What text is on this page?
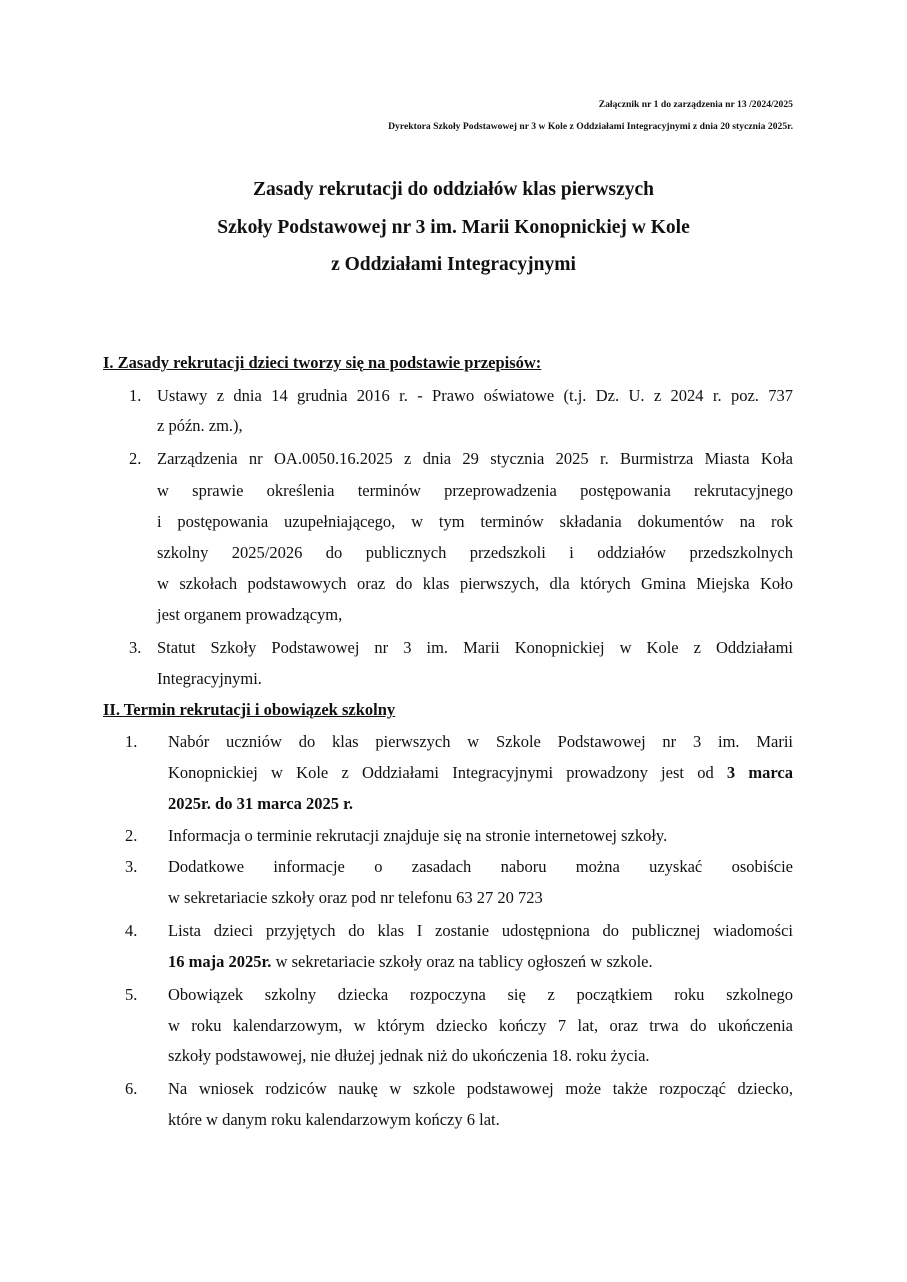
Załącznik nr 1 do zarządzenia nr 13 /2024/2025
Dyrektora Szkoły Podstawowej nr 3 w Kole z Oddziałami Integracyjnymi z dnia 20 stycznia 2025r.
Zasady rekrutacji do oddziałów klas pierwszych
Szkoły Podstawowej nr 3 im. Marii Konopnickiej w Kole
z Oddziałami Integracyjnymi
I. Zasady rekrutacji dzieci tworzy się na podstawie przepisów:
1. Ustawy z dnia 14 grudnia 2016 r. - Prawo oświatowe (t.j. Dz. U. z 2024 r. poz. 737
z późn. zm.),
2. Zarządzenia nr OA.0050.16.2025 z dnia 29 stycznia 2025 r. Burmistrza Miasta Koła
w sprawie określenia terminów przeprowadzenia postępowania rekrutacyjnego
i postępowania uzupełniającego, w tym terminów składania dokumentów na rok
szkolny 2025/2026 do publicznych przedszkoli i oddziałów przedszkolnych
w szkołach podstawowych oraz do klas pierwszych, dla których Gmina Miejska Koło
jest organem prowadzącym,
3. Statut Szkoły Podstawowej nr 3 im. Marii Konopnickiej w Kole z Oddziałami
Integracyjnymi.
II. Termin rekrutacji i obowiązek szkolny
1. Nabór uczniów do klas pierwszych w Szkole Podstawowej nr 3 im. Marii
Konopnickiej w Kole z Oddziałami Integracyjnymi prowadzony jest od 3 marca
2025r. do 31 marca 2025 r.
2. Informacja o terminie rekrutacji znajduje się na stronie internetowej szkoły.
3. Dodatkowe informacje o zasadach naboru można uzyskać osobiście
w sekretariacie szkoły oraz pod nr telefonu 63 27 20 723
4. Lista dzieci przyjętych do klas I zostanie udostępniona do publicznej wiadomości
16 maja 2025r. w sekretariacie szkoły oraz na tablicy ogłoszeń w szkole.
5. Obowiązek szkolny dziecka rozpoczyna się z początkiem roku szkolnego
w roku kalendarzowym, w którym dziecko kończy 7 lat, oraz trwa do ukończenia
szkoły podstawowej, nie dłużej jednak niż do ukończenia 18. roku życia.
6. Na wniosek rodziców naukę w szkole podstawowej może także rozpocząć dziecko,
które w danym roku kalendarzowym kończy 6 lat.
